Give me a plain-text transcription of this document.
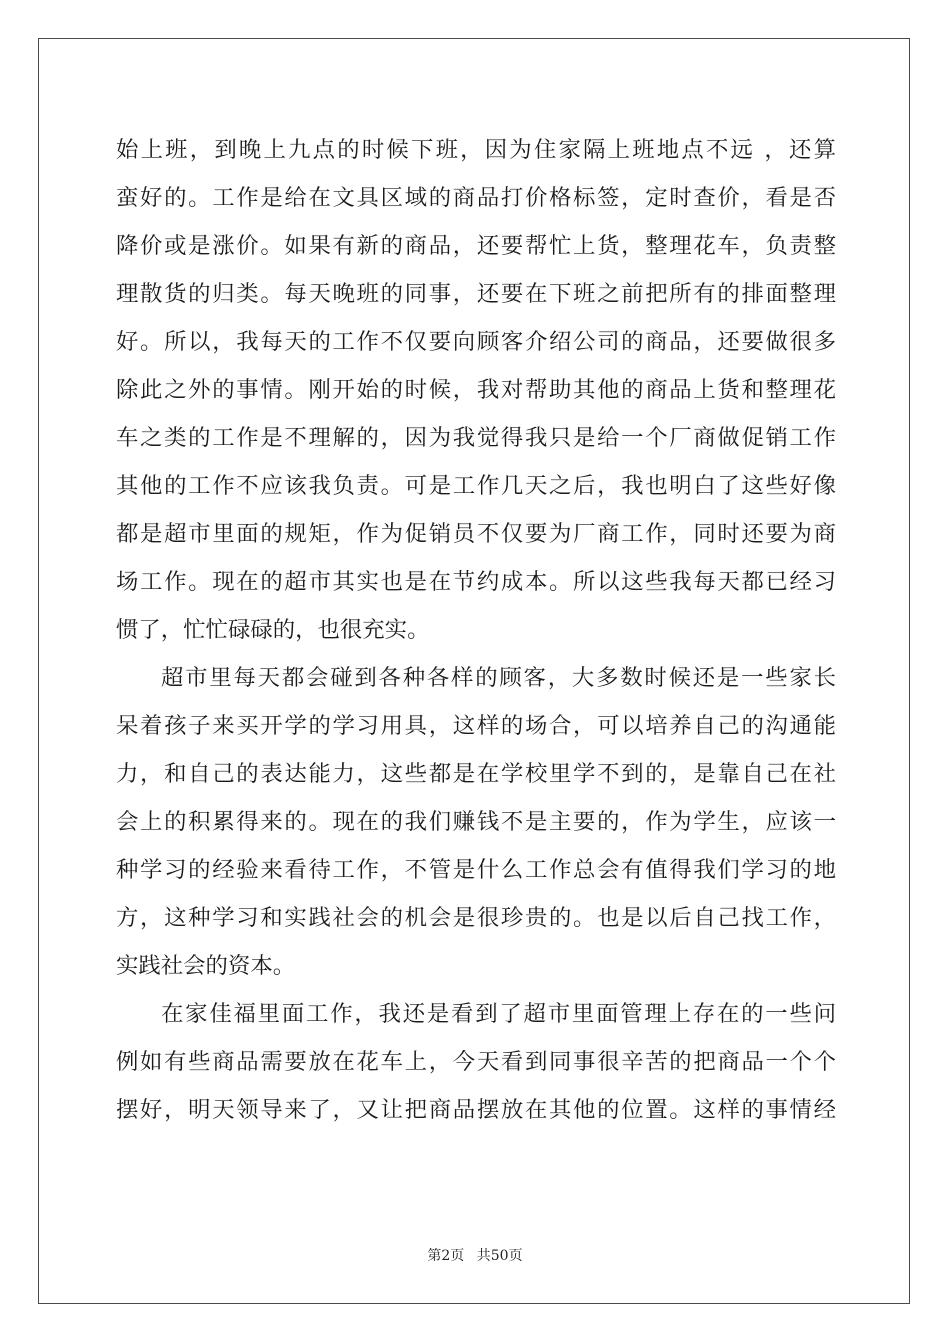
始上班，到晚上九点的时候下班，因为住家隔上班地点不远 ，还算
蛮好的。工作是给在文具区域的商品打价格标签，定时查价，看是否
降价或是涨价。如果有新的商品，还要帮忙上货，整理花车，负责整
理散货的归类。每天晚班的同事，还要在下班之前把所有的排面整理
好。所以，我每天的工作不仅要向顾客介绍公司的商品，还要做很多
除此之外的事情。刚开始的时候，我对帮助其他的商品上货和整理花
车之类的工作是不理解的，因为我觉得我只是给一个厂商做促销工作
其他的工作不应该我负责。可是工作几天之后，我也明白了这些好像
都是超市里面的规矩，作为促销员不仅要为厂商工作，同时还要为商
场工作。现在的超市其实也是在节约成本。所以这些我每天都已经习
惯了，忙忙碌碌的，也很充实。
超市里每天都会碰到各种各样的顾客，大多数时候还是一些家长
呆着孩子来买开学的学习用具，这样的场合，可以培养自己的沟通能
力，和自己的表达能力，这些都是在学校里学不到的，是靠自己在社
会上的积累得来的。现在的我们赚钱不是主要的，作为学生，应该一
种学习的经验来看待工作，不管是什么工作总会有值得我们学习的地
方，这种学习和实践社会的机会是很珍贵的。也是以后自己找工作，
实践社会的资本。
在家佳福里面工作，我还是看到了超市里面管理上存在的一些问
例如有些商品需要放在花车上，今天看到同事很辛苦的把商品一个个
摆好，明天领导来了，又让把商品摆放在其他的位置。这样的事情经
第2页 共50页
